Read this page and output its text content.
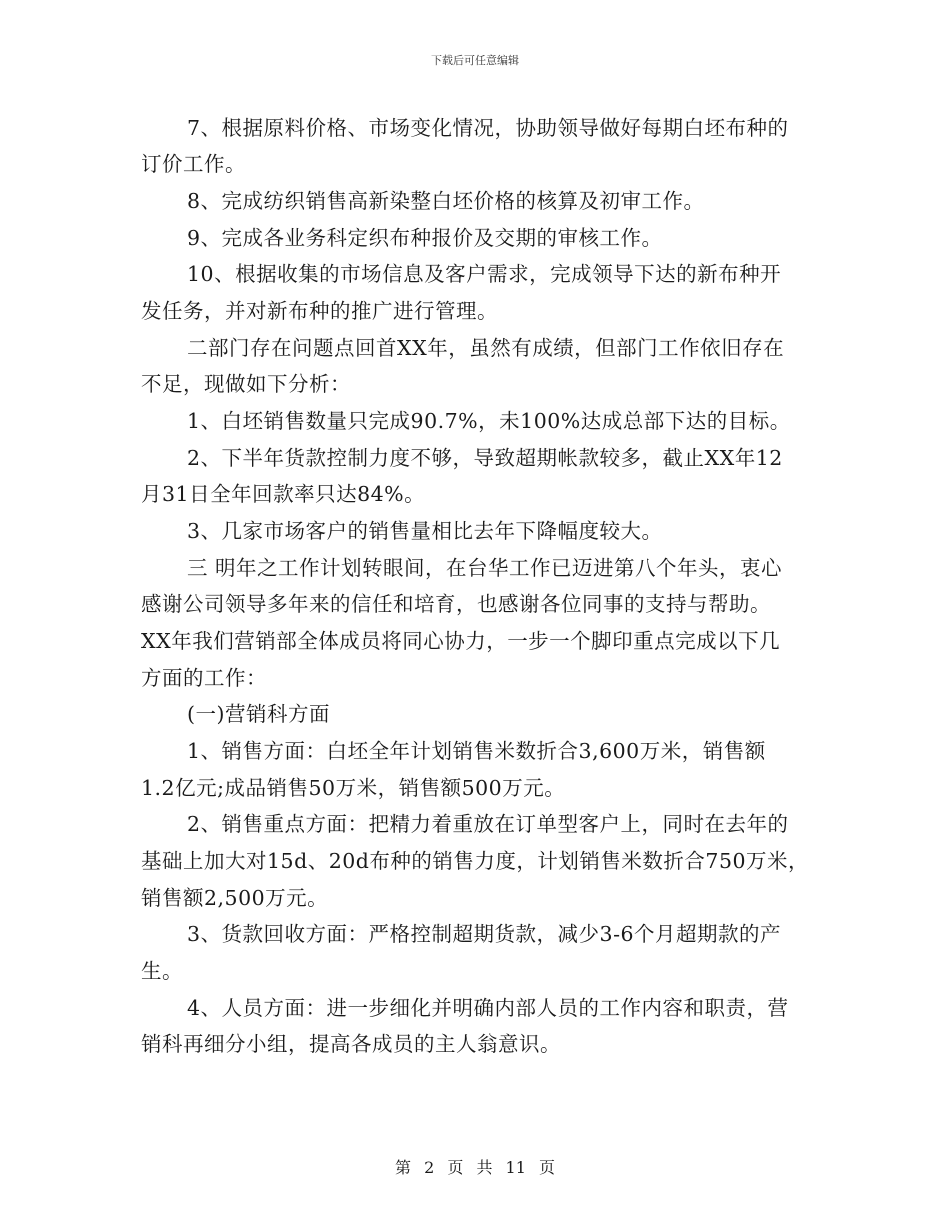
下载后可任意编辑
7、根据原料价格、市场变化情况，协助领导做好每期白坯布种的
订价工作。
8、完成纺织销售高新染整白坯价格的核算及初审工作。
9、完成各业务科定织布种报价及交期的审核工作。
10、根据收集的市场信息及客户需求，完成领导下达的新布种开
发任务，并对新布种的推广进行管理。
二部门存在问题点回首XX年，虽然有成绩，但部门工作依旧存在
不足，现做如下分析：
1、白坯销售数量只完成90.7%，未100%达成总部下达的目标。
2、下半年货款控制力度不够，导致超期帐款较多，截止XX年12
月31日全年回款率只达84%。
3、几家市场客户的销售量相比去年下降幅度较大。
三 明年之工作计划转眼间，在台华工作已迈进第八个年头，衷心
感谢公司领导多年来的信任和培育，也感谢各位同事的支持与帮助。
XX年我们营销部全体成员将同心协力，一步一个脚印重点完成以下几
方面的工作：
(一)营销科方面
1、销售方面：白坯全年计划销售米数折合3,600万米，销售额
1.2亿元;成品销售50万米，销售额500万元。
2、销售重点方面：把精力着重放在订单型客户上，同时在去年的
基础上加大对15d、20d布种的销售力度，计划销售米数折合750万米，
销售额2,500万元。
3、货款回收方面：严格控制超期货款，减少3-6个月超期款的产
生。
4、人员方面：进一步细化并明确内部人员的工作内容和职责，营
销科再细分小组，提高各成员的主人翁意识。
第 2 页 共 11 页
